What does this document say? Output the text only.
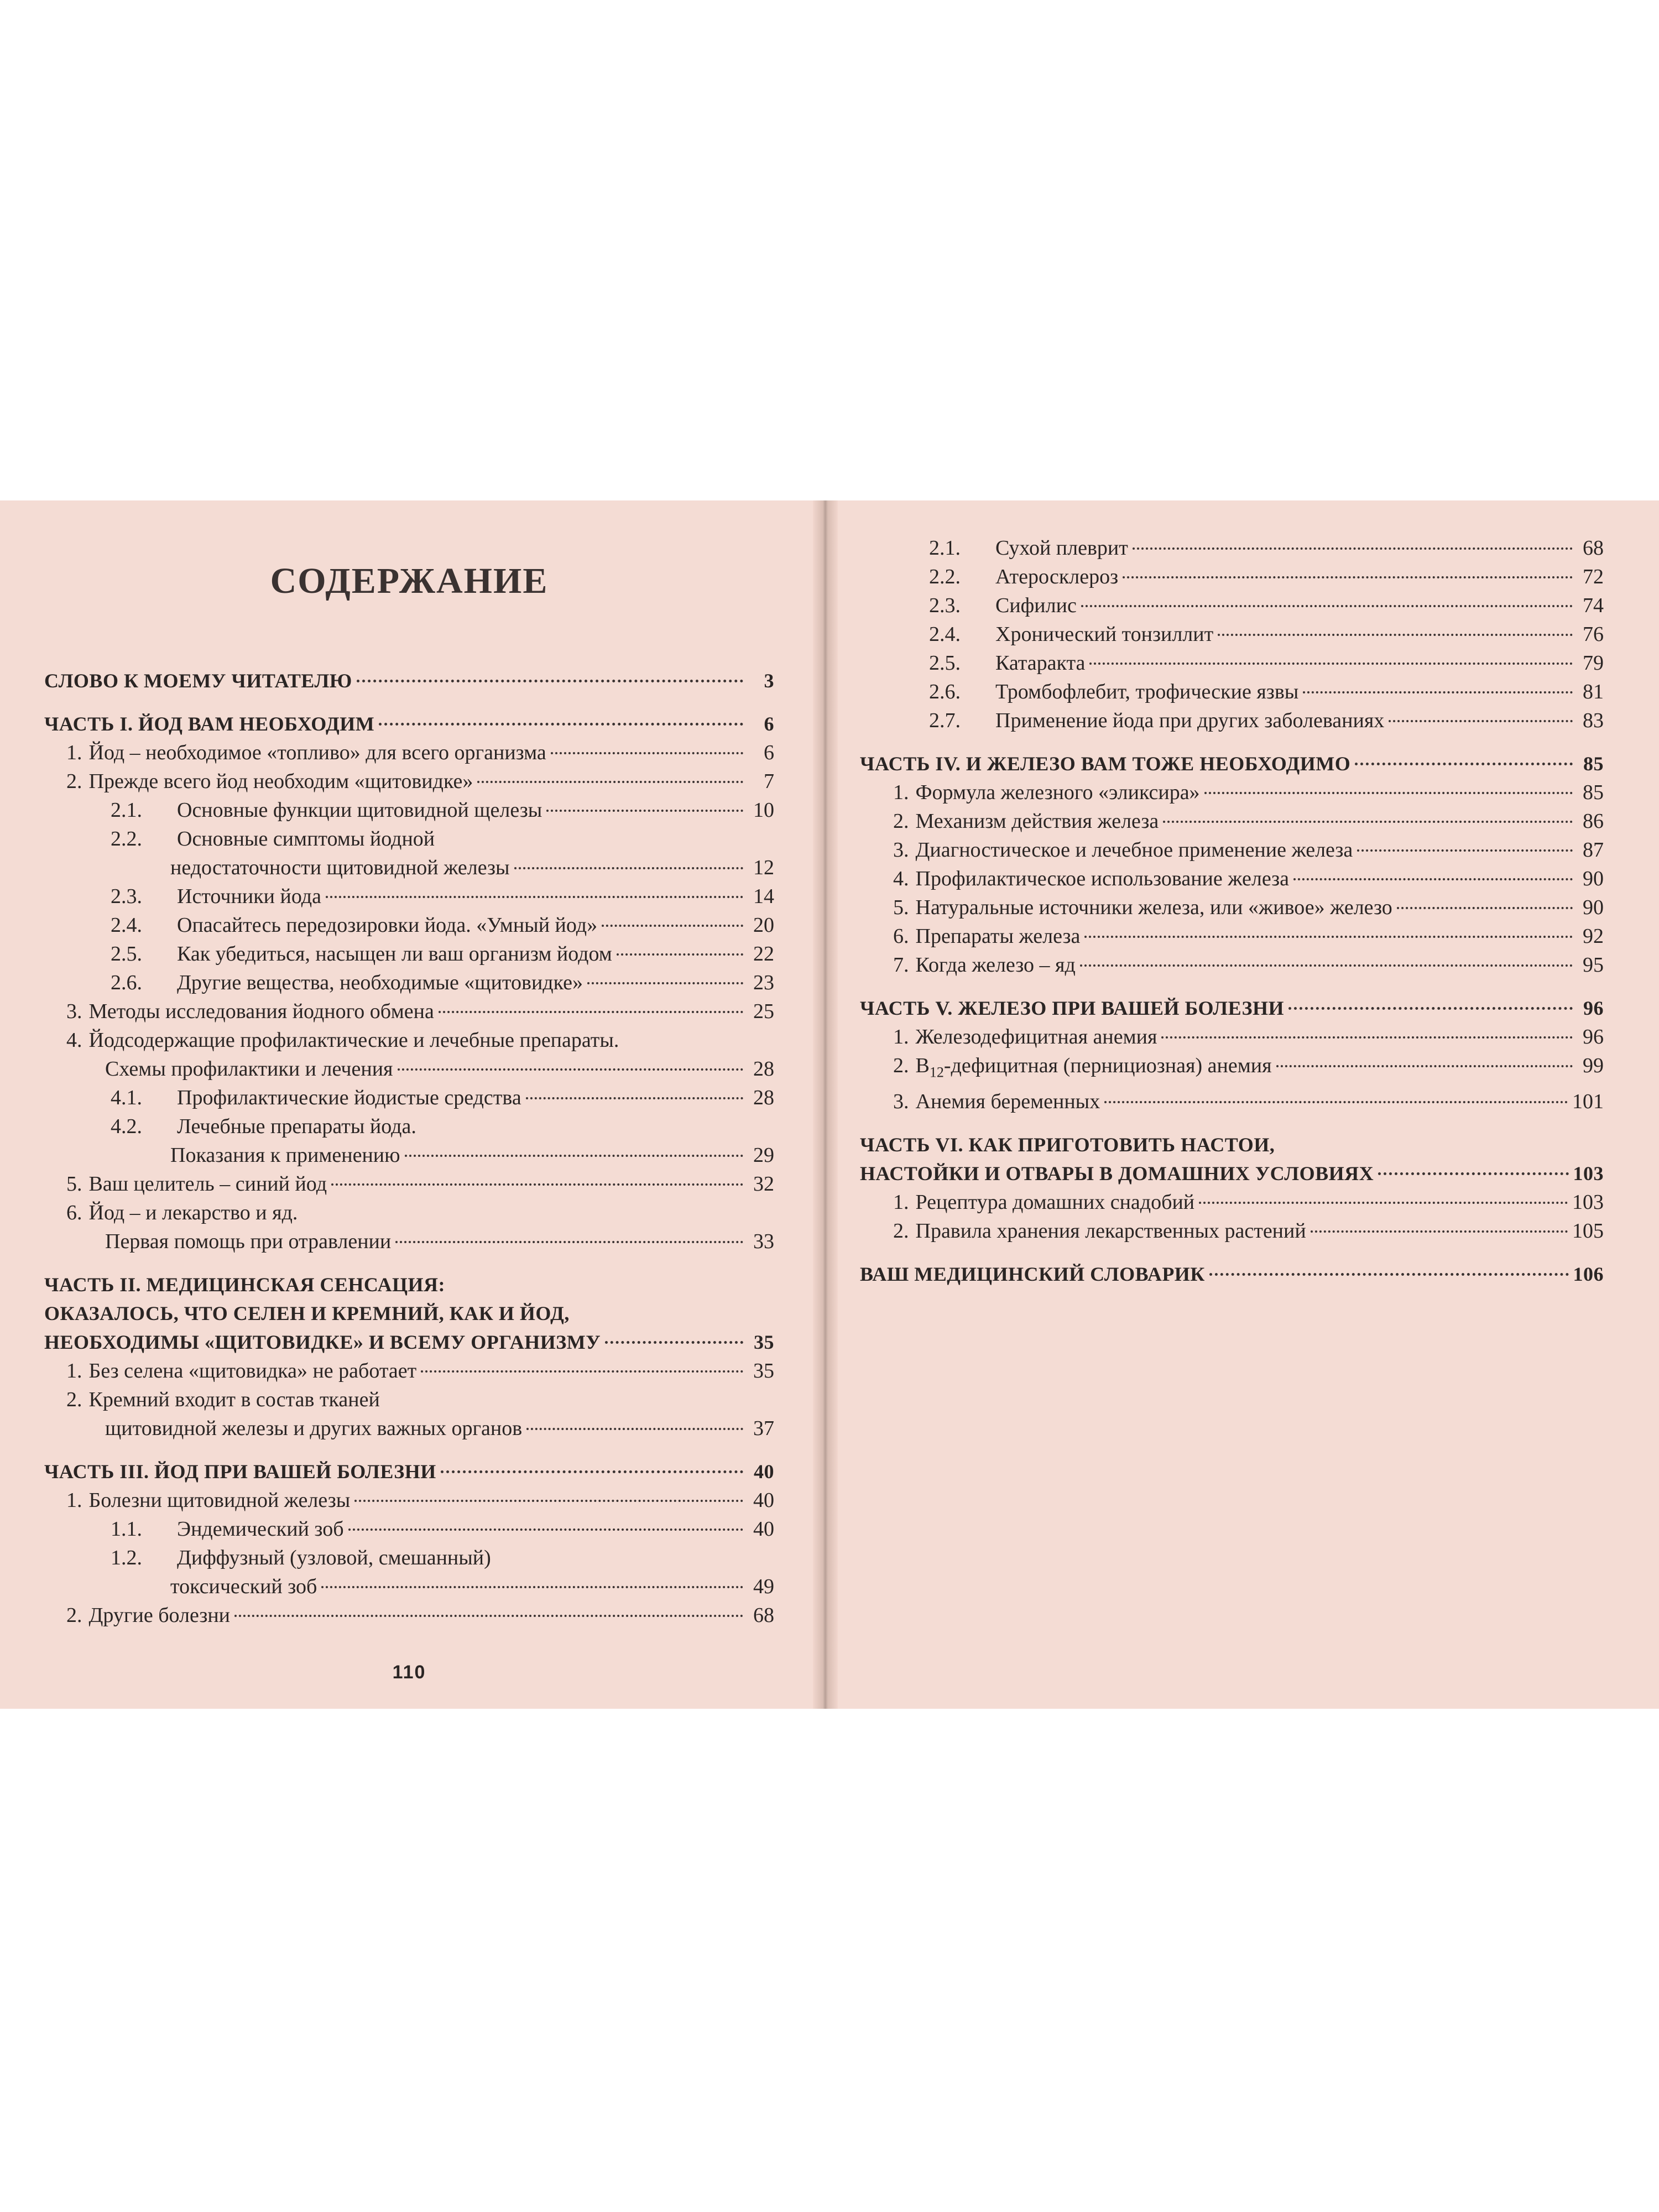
СОДЕРЖАНИЕ
СЛОВО К МОЕМУ ЧИТАТЕЛЮ	3
ЧАСТЬ I. ЙОД ВАМ НЕОБХОДИМ	6
1. Йод – необходимое «топливо» для всего организма	6
2. Прежде всего йод необходим «щитовидке»	7
2.1. Основные функции щитовидной щелезы	10
2.2. Основные симптомы йодной
недостаточности щитовидной железы	12
2.3. Источники йода	14
2.4. Опасайтесь передозировки йода. «Умный йод»	20
2.5. Как убедиться, насыщен ли ваш организм йодом	22
2.6. Другие вещества, необходимые «щитовидке»	23
3. Методы исследования йодного обмена	25
4. Йодсодержащие профилактические и лечебные препараты.
Схемы профилактики и лечения	28
4.1. Профилактические йодистые средства	28
4.2. Лечебные препараты йода.
Показания к применению	29
5. Ваш целитель – синий йод	32
6. Йод – и лекарство и яд.
Первая помощь при отравлении	33
ЧАСТЬ II. МЕДИЦИНСКАЯ СЕНСАЦИЯ:
ОКАЗАЛОСЬ, ЧТО СЕЛЕН И КРЕМНИЙ, КАК И ЙОД,
НЕОБХОДИМЫ «ЩИТОВИДКЕ» И ВСЕМУ ОРГАНИЗМУ	35
1. Без селена «щитовидка» не работает	35
2. Кремний входит в состав тканей
щитовидной железы и других важных органов	37
ЧАСТЬ III. ЙОД ПРИ ВАШЕЙ БОЛЕЗНИ	40
1. Болезни щитовидной железы	40
1.1. Эндемический зоб	40
1.2. Диффузный (узловой, смешанный)
токсический зоб	49
2. Другие болезни	68
110
2.1. Сухой плеврит	68
2.2. Атеросклероз	72
2.3. Сифилис	74
2.4. Хронический тонзиллит	76
2.5. Катаракта	79
2.6. Тромбофлебит, трофические язвы	81
2.7. Применение йода при других заболеваниях	83
ЧАСТЬ IV. И ЖЕЛЕЗО ВАМ ТОЖЕ НЕОБХОДИМО	85
1. Формула железного «эликсира»	85
2. Механизм действия железа	86
3. Диагностическое и лечебное применение железа	87
4. Профилактическое использование железа	90
5. Натуральные источники железа, или «живое» железо	90
6. Препараты железа	92
7. Когда железо – яд	95
ЧАСТЬ V. ЖЕЛЕЗО ПРИ ВАШЕЙ БОЛЕЗНИ	96
1. Железодефицитная анемия	96
2. $B_{12}$-дефицитная (пернициозная) анемия	99
3. Анемия беременных	101
ЧАСТЬ VI. КАК ПРИГОТОВИТЬ НАСТОИ,
НАСТОЙКИ И ОТВАРЫ В ДОМАШНИХ УСЛОВИЯХ	103
1. Рецептура домашних снадобий	103
2. Правила хранения лекарственных растений	105
ВАШ МЕДИЦИНСКИЙ СЛОВАРИК	106
